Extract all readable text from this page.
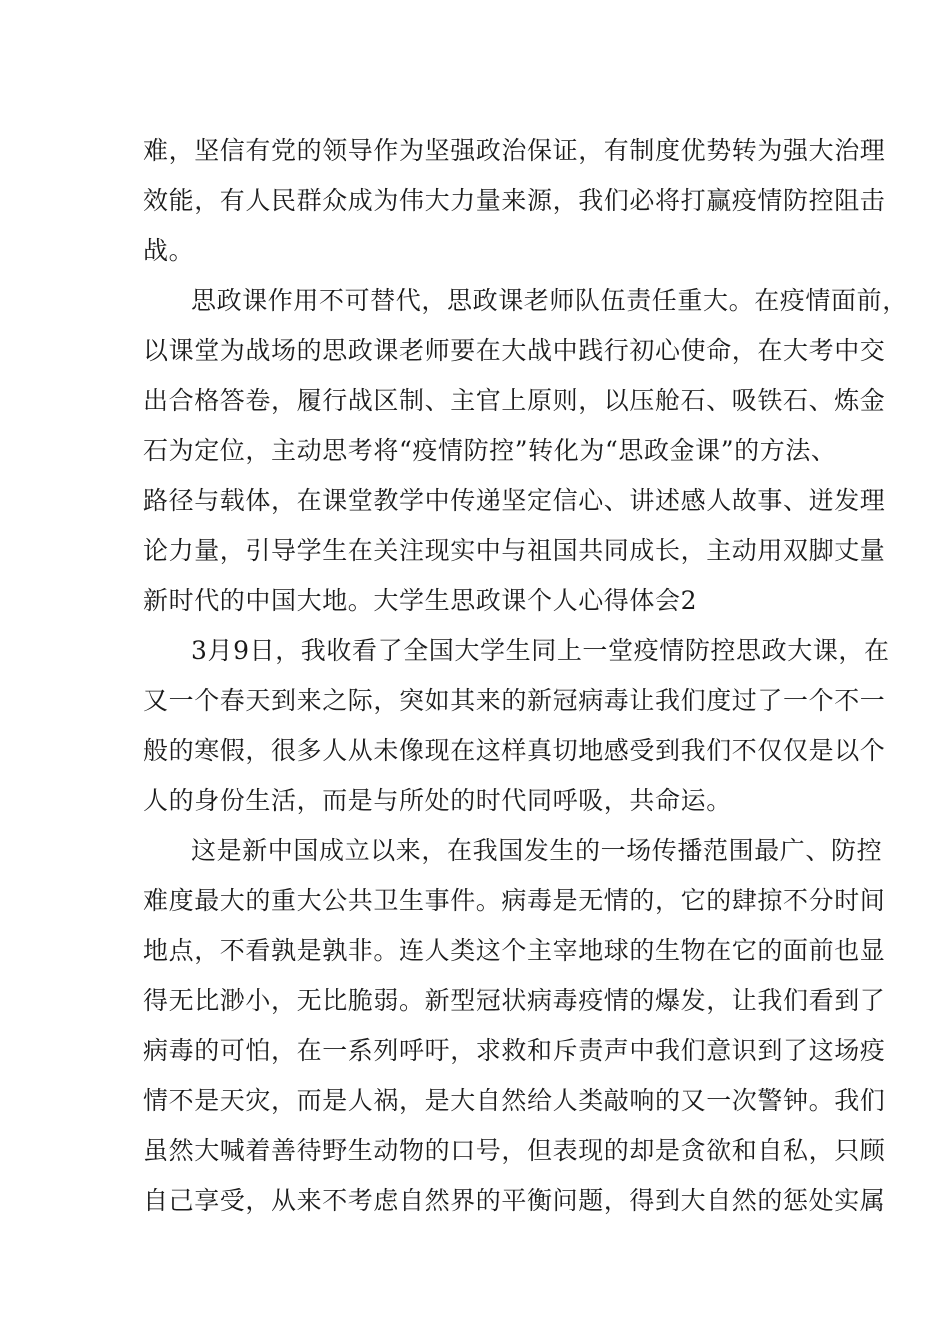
难，坚信有党的领导作为坚强政治保证，有制度优势转为强大治理
效能，有人民群众成为伟大力量来源，我们必将打赢疫情防控阻击
战。
思政课作用不可替代，思政课老师队伍责任重大。在疫情面前，
以课堂为战场的思政课老师要在大战中践行初心使命，在大考中交
出合格答卷，履行战区制、主官上原则，以压舱石、吸铁石、炼金
石为定位，主动思考将“疫情防控”转化为“思政金课”的方法、
路径与载体，在课堂教学中传递坚定信心、讲述感人故事、迸发理
论力量，引导学生在关注现实中与祖国共同成长，主动用双脚丈量
新时代的中国大地。大学生思政课个人心得体会2
3月9日，我收看了全国大学生同上一堂疫情防控思政大课，在
又一个春天到来之际，突如其来的新冠病毒让我们度过了一个不一
般的寒假，很多人从未像现在这样真切地感受到我们不仅仅是以个
人的身份生活，而是与所处的时代同呼吸，共命运。
这是新中国成立以来，在我国发生的一场传播范围最广、防控
难度最大的重大公共卫生事件。病毒是无情的，它的肆掠不分时间
地点，不看孰是孰非。连人类这个主宰地球的生物在它的面前也显
得无比渺小，无比脆弱。新型冠状病毒疫情的爆发，让我们看到了
病毒的可怕，在一系列呼吁，求救和斥责声中我们意识到了这场疫
情不是天灾，而是人祸，是大自然给人类敲响的又一次警钟。我们
虽然大喊着善待野生动物的口号，但表现的却是贪欲和自私，只顾
自己享受，从来不考虑自然界的平衡问题，得到大自然的惩处实属
